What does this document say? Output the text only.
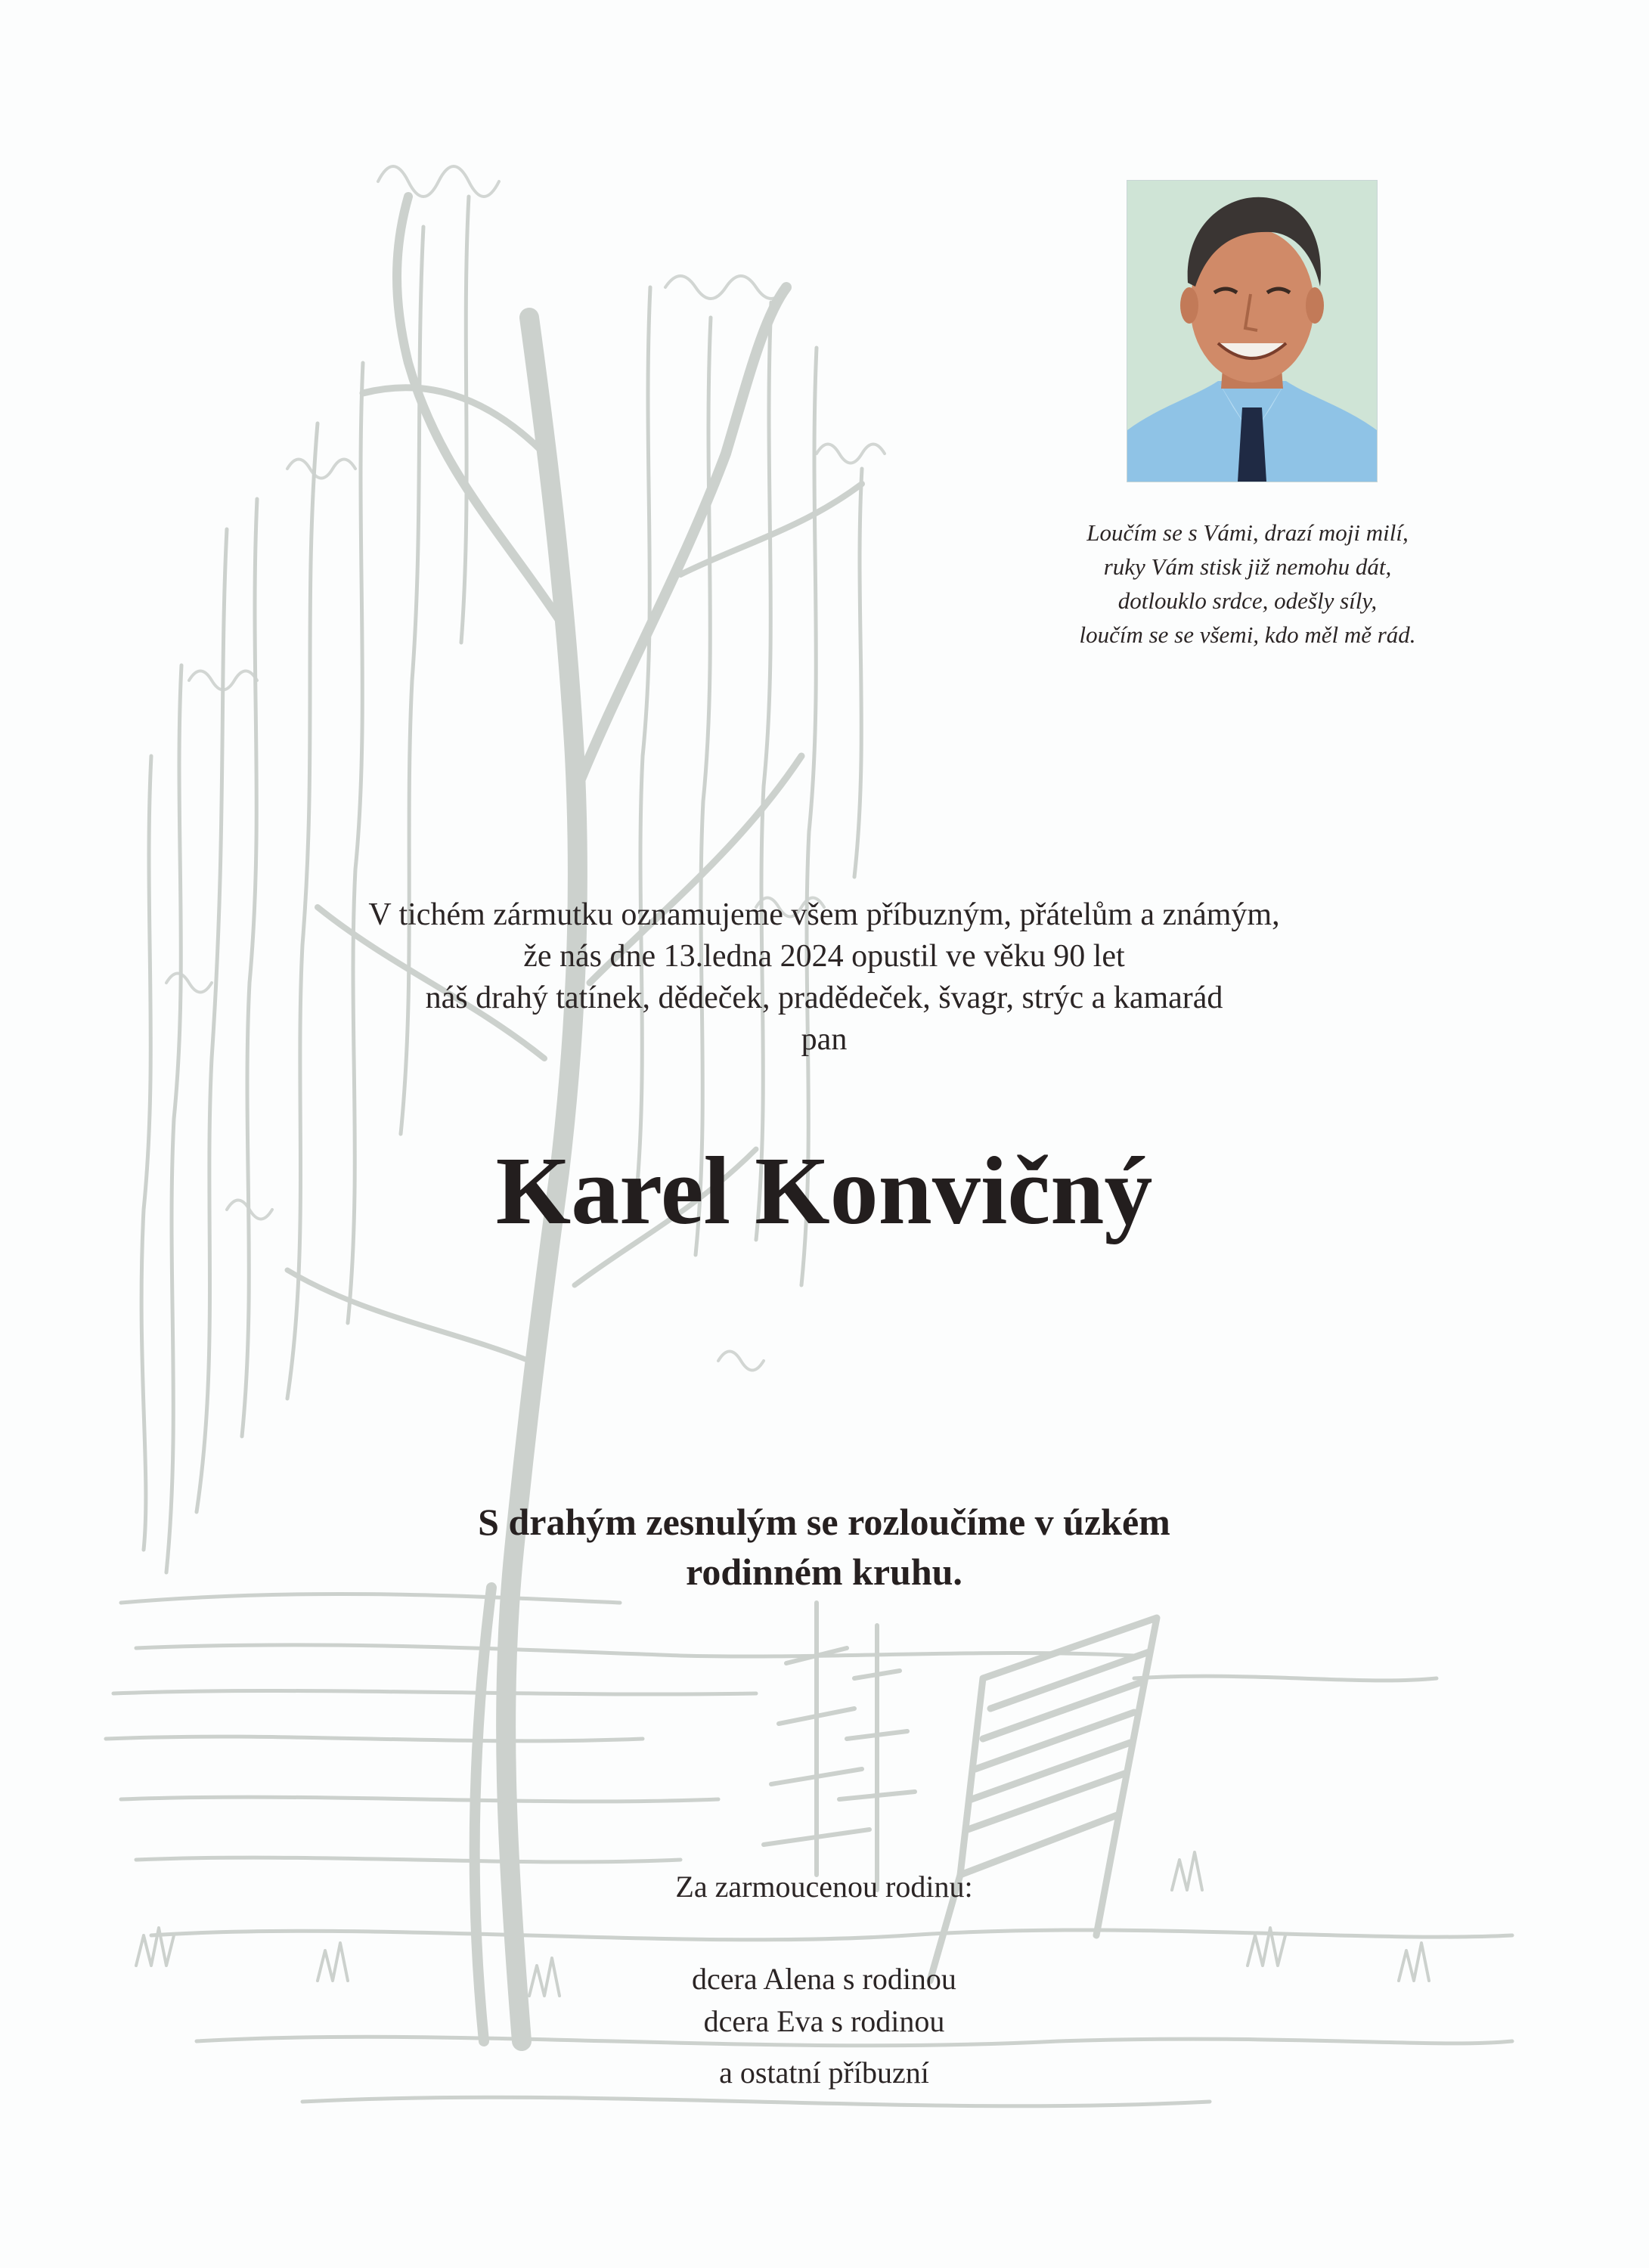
Loučím se s Vámi, drazí moji milí,
ruky Vám stisk již nemohu dát,
dotlouklo srdce, odešly síly,
loučím se se všemi, kdo měl mě rád.
V tichém zármutku oznamujeme všem příbuzným, přátelům a známým,
že nás dne 13.ledna 2024 opustil ve věku 90 let
náš drahý tatínek, dědeček, pradědeček, švagr, strýc a kamarád
pan
Karel Konvičný
S drahým zesnulým se rozloučíme v úzkém
rodinném kruhu.
Za zarmoucenou rodinu:
dcera Alena s rodinou
dcera Eva s rodinou
a ostatní příbuzní
